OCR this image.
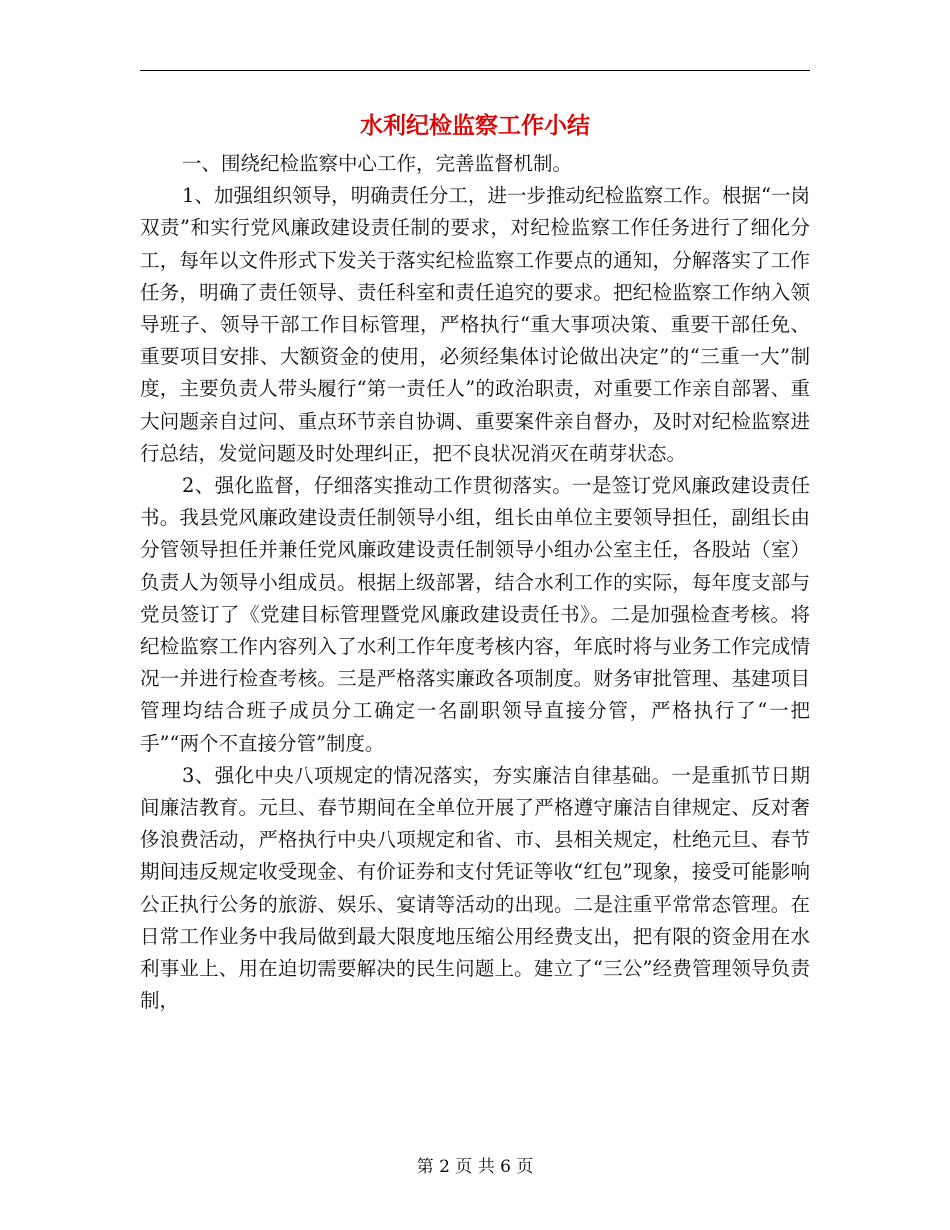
水利纪检监察工作小结

一、围绕纪检监察中心工作，完善监督机制。

1、加强组织领导，明确责任分工，进一步推动纪检监察工作。根据“一岗双责”和实行党风廉政建设责任制的要求，对纪检监察工作任务进行了细化分工，每年以文件形式下发关于落实纪检监察工作要点的通知，分解落实了工作任务，明确了责任领导、责任科室和责任追究的要求。把纪检监察工作纳入领导班子、领导干部工作目标管理，严格执行“重大事项决策、重要干部任免、重要项目安排、大额资金的使用，必须经集体讨论做出决定”的“三重一大”制度，主要负责人带头履行“第一责任人”的政治职责，对重要工作亲自部署、重大问题亲自过问、重点环节亲自协调、重要案件亲自督办，及时对纪检监察进行总结，发觉问题及时处理纠正，把不良状况消灭在萌芽状态。

2、强化监督，仔细落实推动工作贯彻落实。一是签订党风廉政建设责任书。我县党风廉政建设责任制领导小组，组长由单位主要领导担任，副组长由分管领导担任并兼任党风廉政建设责任制领导小组办公室主任，各股站（室）负责人为领导小组成员。根据上级部署，结合水利工作的实际，每年度支部与党员签订了《党建目标管理暨党风廉政建设责任书》。二是加强检查考核。将纪检监察工作内容列入了水利工作年度考核内容，年底时将与业务工作完成情况一并进行检查考核。三是严格落实廉政各项制度。财务审批管理、基建项目管理均结合班子成员分工确定一名副职领导直接分管，严格执行了“一把手”“两个不直接分管”制度。

3、强化中央八项规定的情况落实，夯实廉洁自律基础。一是重抓节日期间廉洁教育。元旦、春节期间在全单位开展了严格遵守廉洁自律规定、反对奢侈浪费活动，严格执行中央八项规定和省、市、县相关规定，杜绝元旦、春节期间违反规定收受现金、有价证券和支付凭证等收“红包”现象，接受可能影响公正执行公务的旅游、娱乐、宴请等活动的出现。二是注重平常常态管理。在日常工作业务中我局做到最大限度地压缩公用经费支出，把有限的资金用在水利事业上、用在迫切需要解决的民生问题上。建立了“三公”经费管理领导负责制，

第 2 页 共 6 页
